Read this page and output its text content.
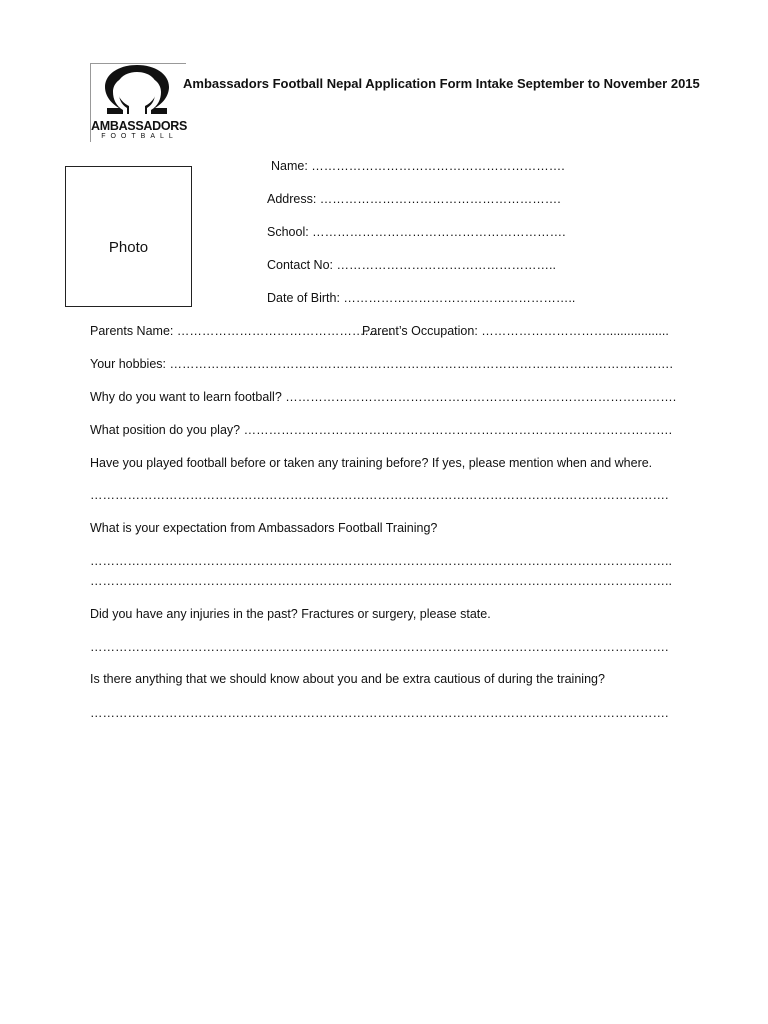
AMBASSADORS
FOOTBALL
Ambassadors Football Nepal Application Form Intake September to November 2015
Photo
Name: …………………………………………………….
Address: ………………………………………………….
School: …………………………………………………….
Contact No: ……………………………………………..
Date of Birth: ………………………………………………..
Parents Name: …………………………………………….
Parent’s Occupation: …………………………..................
Your hobbies: ………………………………………………………………………………………………………….
Why do you want to learn football? ………………………………………………………………………………….
What position do you play? ………………………………………………………………………………………….
Have you played football before or taken any training before? If yes, please mention when and where.
………………………………………………………………………………………………………………………….
What is your expectation from Ambassadors Football Training?
…………………………………………………………………………………………………………………………..
…………………………………………………………………………………………………………………………..
Did you have any injuries in the past? Fractures or surgery, please state.
………………………………………………………………………………………………………………………….
Is there anything that we should know about you and be extra cautious of during the training?
………………………………………………………………………………………………………………………….
